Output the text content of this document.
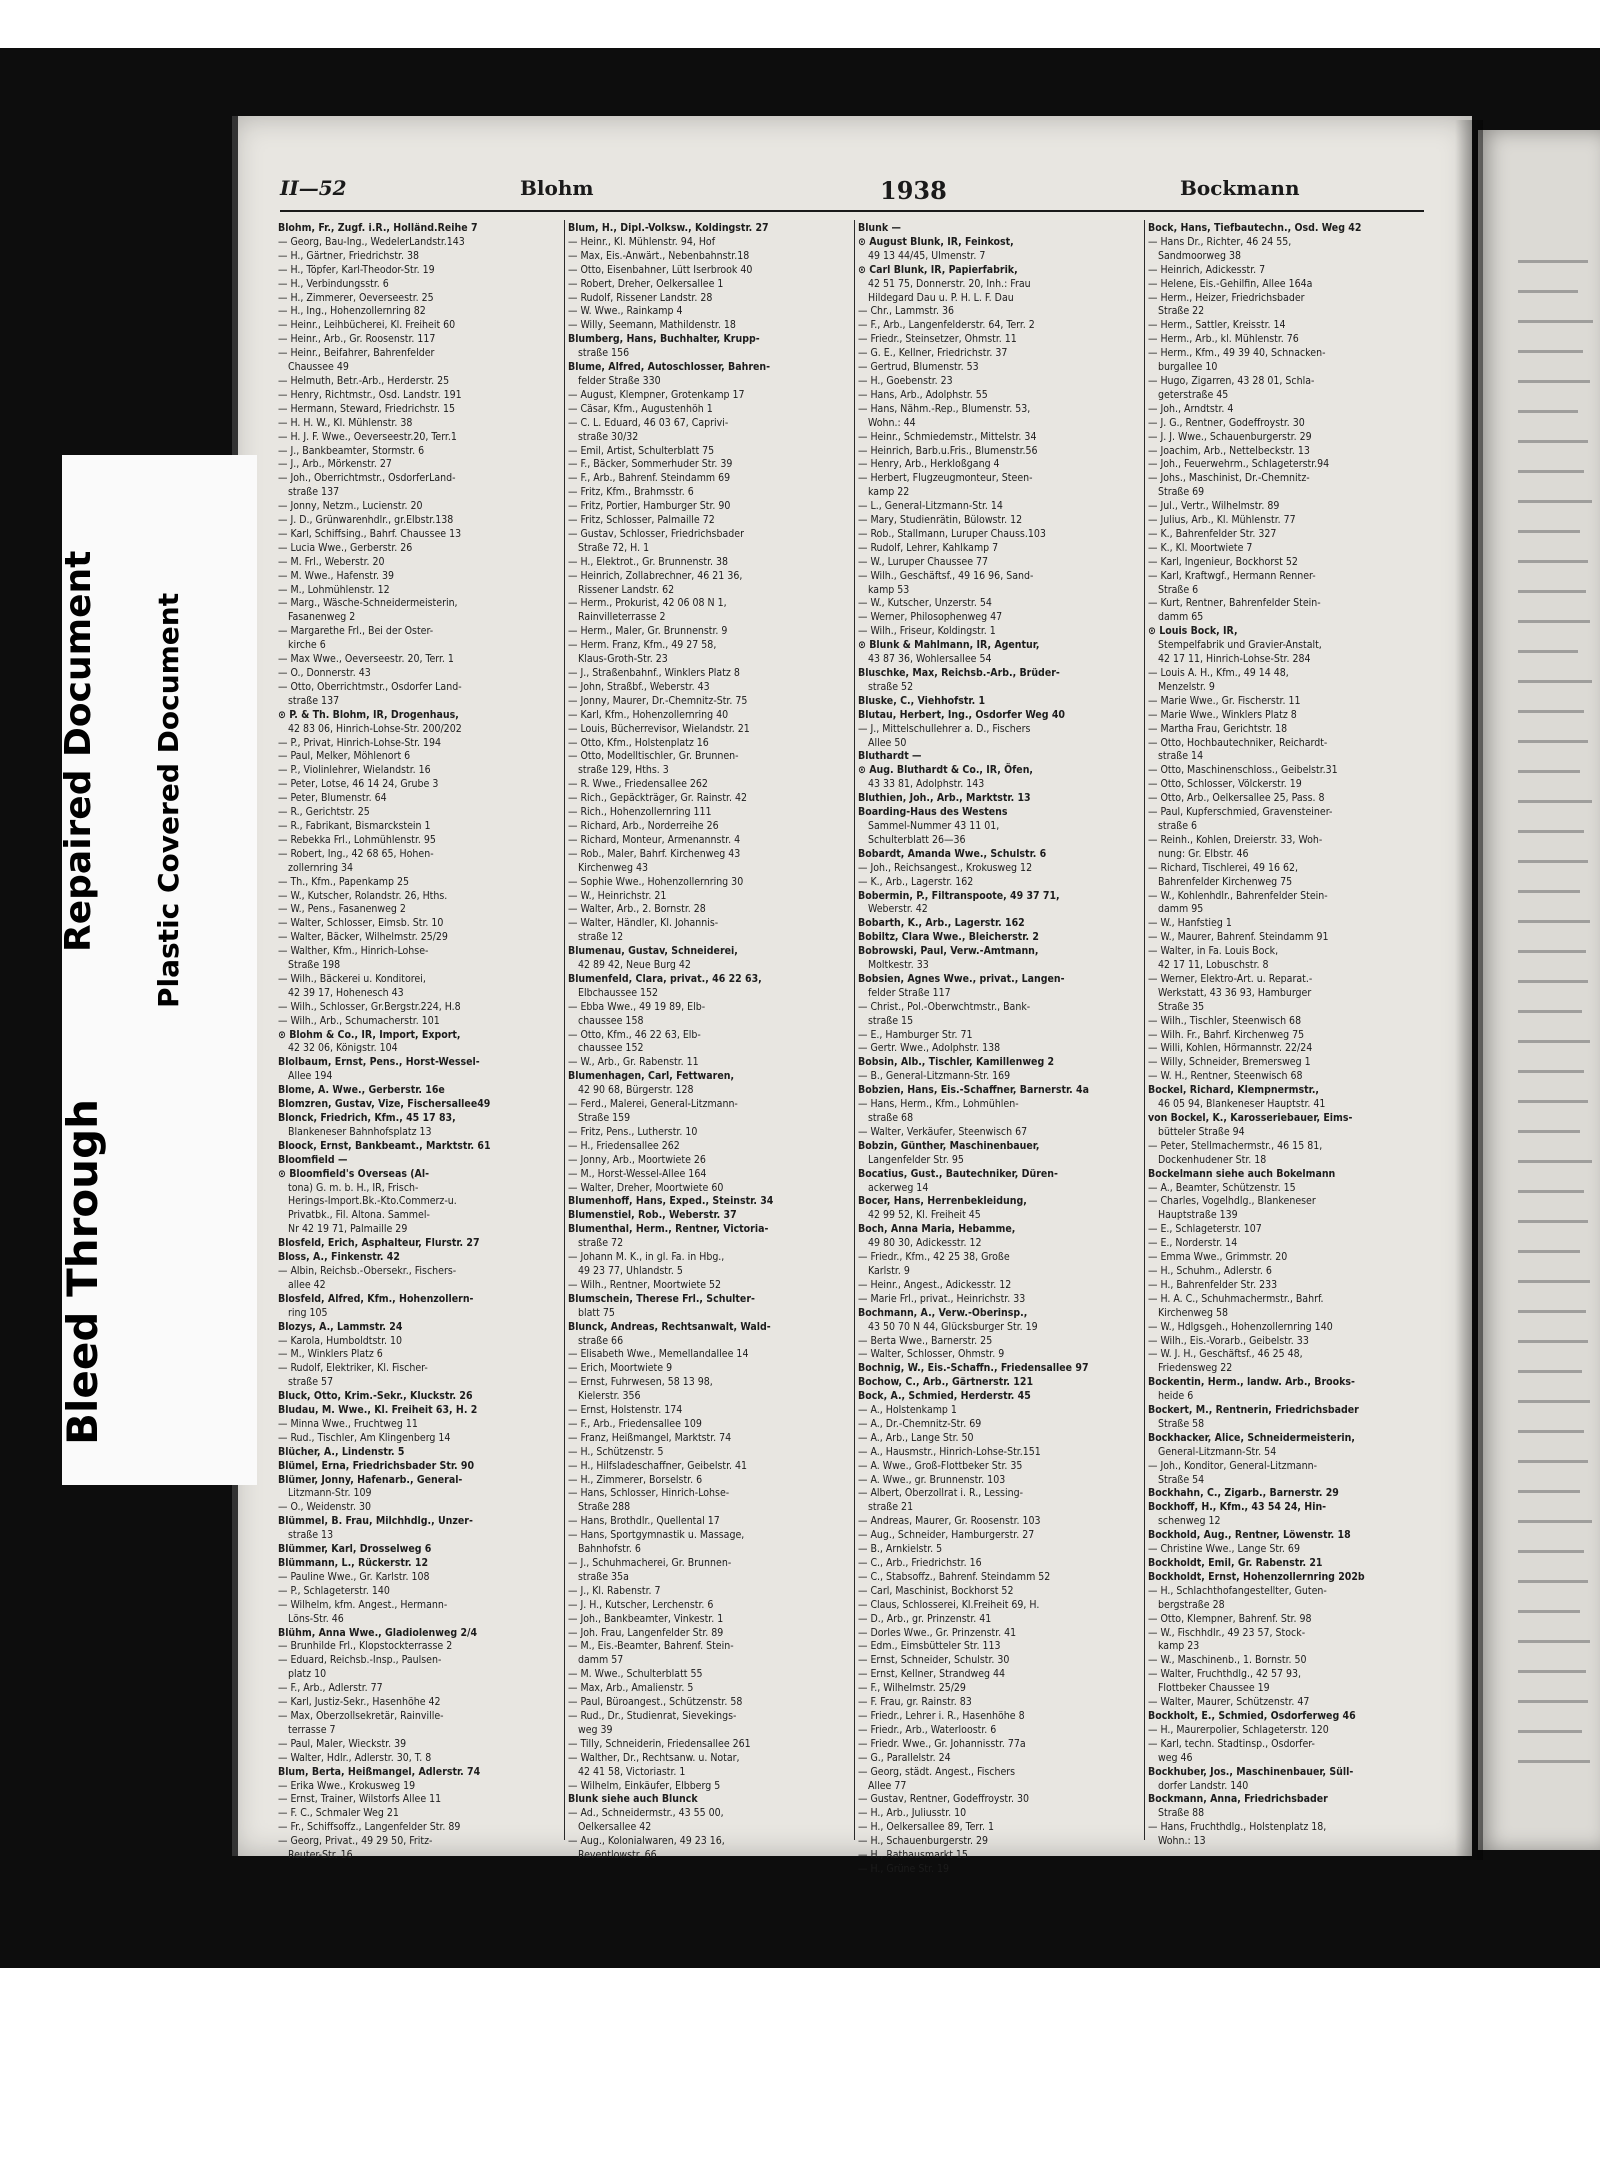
II—52	Blohm	1938	Bockmann
Blohm, Fr., Zugf. i.R., Holländ.Reihe 7
— Georg, Bau-Ing., WedelerLandstr.143
— H., Gärtner, Friedrichstr. 38
— H., Töpfer, Karl-Theodor-Str. 19
— H., Verbindungsstr. 6
— H., Zimmerer, Oeverseestr. 25
— H., Ing., Hohenzollernring 82
— Heinr., Leihbücherei, Kl. Freiheit 60
— Heinr., Arb., Gr. Roosenstr. 117
— Heinr., Beifahrer, Bahrenfelder
Chaussee 49
— Helmuth, Betr.-Arb., Herderstr. 25
— Henry, Richtmstr., Osd. Landstr. 191
— Hermann, Steward, Friedrichstr. 15
— H. H. W., Kl. Mühlenstr. 38
— H. J. F. Wwe., Oeverseestr.20, Terr.1
— J., Bankbeamter, Stormstr. 6
— J., Arb., Mörkenstr. 27
— Joh., Oberrichtmstr., OsdorferLand-
straße 137
— Jonny, Netzm., Lucienstr. 20
— J. D., Grünwarenhdlr., gr.Elbstr.138
— Karl, Schiffsing., Bahrf. Chaussee 13
— Lucia Wwe., Gerberstr. 26
— M. Frl., Weberstr. 20
— M. Wwe., Hafenstr. 39
— M., Lohmühlenstr. 12
— Marg., Wäsche-Schneidermeisterin,
Fasanenweg 2
— Margarethe Frl., Bei der Oster-
kirche 6
— Max Wwe., Oeverseestr. 20, Terr. 1
— O., Donnerstr. 43
— Otto, Oberrichtmstr., Osdorfer Land-
straße 137
⊙ P. & Th. Blohm, IR, Drogenhaus,
42 83 06, Hinrich-Lohse-Str. 200/202
— P., Privat, Hinrich-Lohse-Str. 194
— Paul, Melker, Möhlenort 6
— P., Violinlehrer, Wielandstr. 16
— Peter, Lotse, 46 14 24, Grube 3
— Peter, Blumenstr. 64
— R., Gerichtstr. 25
— R., Fabrikant, Bismarckstein 1
— Rebekka Frl., Lohmühlenstr. 95
— Robert, Ing., 42 68 65, Hohen-
zollernring 34
— Th., Kfm., Papenkamp 25
— W., Kutscher, Rolandstr. 26, Hths.
— W., Pens., Fasanenweg 2
— Walter, Schlosser, Eimsb. Str. 10
— Walter, Bäcker, Wilhelmstr. 25/29
— Walther, Kfm., Hinrich-Lohse-
Straße 198
— Wilh., Bäckerei u. Konditorei,
42 39 17, Hohenesch 43
— Wilh., Schlosser, Gr.Bergstr.224, H.8
— Wilh., Arb., Schumacherstr. 101
⊙ Blohm & Co., IR, Import, Export,
42 32 06, Königstr. 104
Blolbaum, Ernst, Pens., Horst-Wessel-
Allee 194
Blome, A. Wwe., Gerberstr. 16e
Blomzren, Gustav, Vize, Fischersallee49
Blonck, Friedrich, Kfm., 45 17 83,
Blankeneser Bahnhofsplatz 13
Bloock, Ernst, Bankbeamt., Marktstr. 61
Bloomfield —
⊙ Bloomfield's Overseas (Al-
tona) G. m. b. H., IR, Frisch-
Herings-Import.Bk.-Kto.Commerz-u.
Privatbk., Fil. Altona. Sammel-
Nr 42 19 71, Palmaille 29
Blosfeld, Erich, Asphalteur, Flurstr. 27
Bloss, A., Finkenstr. 42
— Albin, Reichsb.-Obersekr., Fischers-
allee 42
Blosfeld, Alfred, Kfm., Hohenzollern-
ring 105
Blozys, A., Lammstr. 24
— Karola, Humboldtstr. 10
— M., Winklers Platz 6
— Rudolf, Elektriker, Kl. Fischer-
straße 57
Bluck, Otto, Krim.-Sekr., Kluckstr. 26
Bludau, M. Wwe., Kl. Freiheit 63, H. 2
— Minna Wwe., Fruchtweg 11
— Rud., Tischler, Am Klingenberg 14
Blücher, A., Lindenstr. 5
Blümel, Erna, Friedrichsbader Str. 90
Blümer, Jonny, Hafenarb., General-
Litzmann-Str. 109
— O., Weidenstr. 30
Blümmel, B. Frau, Milchhdlg., Unzer-
straße 13
Blümmer, Karl, Drosselweg 6
Blümmann, L., Rückerstr. 12
— Pauline Wwe., Gr. Karlstr. 108
— P., Schlageterstr. 140
— Wilhelm, kfm. Angest., Hermann-
Löns-Str. 46
Blühm, Anna Wwe., Gladiolenweg 2/4
— Brunhilde Frl., Klopstockterrasse 2
— Eduard, Reichsb.-Insp., Paulsen-
platz 10
— F., Arb., Adlerstr. 77
— Karl, Justiz-Sekr., Hasenhöhe 42
— Max, Oberzollsekretär, Rainville-
terrasse 7
— Paul, Maler, Wieckstr. 39
— Walter, Hdlr., Adlerstr. 30, T. 8
Blum, Berta, Heißmangel, Adlerstr. 74
— Erika Wwe., Krokusweg 19
— Ernst, Trainer, Wilstorfs Allee 11
— F. C., Schmaler Weg 21
— Fr., Schiffsoffz., Langenfelder Str. 89
— Georg, Privat., 49 29 50, Fritz-
Reuter-Str. 16
Blum, H., Dipl.-Volksw., Koldingstr. 27
— Heinr., Kl. Mühlenstr. 94, Hof
— Max, Eis.-Anwärt., Nebenbahnstr.18
— Otto, Eisenbahner, Lütt Iserbrook 40
— Robert, Dreher, Oelkersallee 1
— Rudolf, Rissener Landstr. 28
— W. Wwe., Rainkamp 4
— Willy, Seemann, Mathildenstr. 18
Blumberg, Hans, Buchhalter, Krupp-
straße 156
Blume, Alfred, Autoschlosser, Bahren-
felder Straße 330
— August, Klempner, Grotenkamp 17
— Cäsar, Kfm., Augustenhöh 1
— C. L. Eduard, 46 03 67, Caprivi-
straße 30/32
— Emil, Artist, Schulterblatt 75
— F., Bäcker, Sommerhuder Str. 39
— F., Arb., Bahrenf. Steindamm 69
— Fritz, Kfm., Brahmsstr. 6
— Fritz, Portier, Hamburger Str. 90
— Fritz, Schlosser, Palmaille 72
— Gustav, Schlosser, Friedrichsbader
Straße 72, H. 1
— H., Elektrot., Gr. Brunnenstr. 38
— Heinrich, Zollabrechner, 46 21 36,
Rissener Landstr. 62
— Herm., Prokurist, 42 06 08 N 1,
Rainvilleterrasse 2
— Herm., Maler, Gr. Brunnenstr. 9
— Herm. Franz, Kfm., 49 27 58,
Klaus-Groth-Str. 23
— J., Straßenbahnf., Winklers Platz 8
— John, Straßbf., Weberstr. 43
— Jonny, Maurer, Dr.-Chemnitz-Str. 75
— Karl, Kfm., Hohenzollernring 40
— Louis, Bücherrevisor, Wielandstr. 21
— Otto, Kfm., Holstenplatz 16
— Otto, Modelltischler, Gr. Brunnen-
straße 129, Hths. 3
— R. Wwe., Friedensallee 262
— Rich., Gepäckträger, Gr. Rainstr. 42
— Rich., Hohenzollernring 111
— Richard, Arb., Norderreihe 26
— Richard, Monteur, Armenannstr. 4
— Rob., Maler, Bahrf. Kirchenweg 43
Kirchenweg 43
— Sophie Wwe., Hohenzollernring 30
— W., Heinrichstr. 21
— Walter, Arb., 2. Bornstr. 28
— Walter, Händler, Kl. Johannis-
straße 12
Blumenau, Gustav, Schneiderei,
42 89 42, Neue Burg 42
Blumenfeld, Clara, privat., 46 22 63,
Elbchaussee 152
— Ebba Wwe., 49 19 89, Elb-
chaussee 158
— Otto, Kfm., 46 22 63, Elb-
chaussee 152
— W., Arb., Gr. Rabenstr. 11
Blumenhagen, Carl, Fettwaren,
42 90 68, Bürgerstr. 128
— Ferd., Malerei, General-Litzmann-
Straße 159
— Fritz, Pens., Lutherstr. 10
— H., Friedensallee 262
— Jonny, Arb., Moortwiete 26
— M., Horst-Wessel-Allee 164
— Walter, Dreher, Moortwiete 60
Blumenhoff, Hans, Exped., Steinstr. 34
Blumenstiel, Rob., Weberstr. 37
Blumenthal, Herm., Rentner, Victoria-
straße 72
— Johann M. K., in gl. Fa. in Hbg.,
49 23 77, Uhlandstr. 5
— Wilh., Rentner, Moortwiete 52
Blumschein, Therese Frl., Schulter-
blatt 75
Blunck, Andreas, Rechtsanwalt, Wald-
straße 66
— Elisabeth Wwe., Memellandallee 14
— Erich, Moortwiete 9
— Ernst, Fuhrwesen, 58 13 98,
Kielerstr. 356
— Ernst, Holstenstr. 174
— F., Arb., Friedensallee 109
— Franz, Heißmangel, Marktstr. 74
— H., Schützenstr. 5
— H., Hilfsladeschaffner, Geibelstr. 41
— H., Zimmerer, Borselstr. 6
— Hans, Schlosser, Hinrich-Lohse-
Straße 288
— Hans, Brothdlr., Quellental 17
— Hans, Sportgymnastik u. Massage,
Bahnhofstr. 6
— J., Schuhmacherei, Gr. Brunnen-
straße 35a
— J., Kl. Rabenstr. 7
— J. H., Kutscher, Lerchenstr. 6
— Joh., Bankbeamter, Vinkestr. 1
— Joh. Frau, Langenfelder Str. 89
— M., Eis.-Beamter, Bahrenf. Stein-
damm 57
— M. Wwe., Schulterblatt 55
— Max, Arb., Amalienstr. 5
— Paul, Büroangest., Schützenstr. 58
— Rud., Dr., Studienrat, Sievekings-
weg 39
— Tilly, Schneiderin, Friedensallee 261
— Walther, Dr., Rechtsanw. u. Notar,
42 41 58, Victoriastr. 1
— Wilhelm, Einkäufer, Elbberg 5
Blunk siehe auch Blunck
— Ad., Schneidermstr., 43 55 00,
Oelkersallee 42
— Aug., Kolonialwaren, 49 23 16,
Reventlowstr. 66
Blunk —
⊙ August Blunk, IR, Feinkost,
49 13 44/45, Ulmenstr. 7
⊙ Carl Blunk, IR, Papierfabrik,
42 51 75, Donnerstr. 20, Inh.: Frau
Hildegard Dau u. P. H. L. F. Dau
— Chr., Lammstr. 36
— F., Arb., Langenfelderstr. 64, Terr. 2
— Friedr., Steinsetzer, Ohmstr. 11
— G. E., Kellner, Friedrichstr. 37
— Gertrud, Blumenstr. 53
— H., Goebenstr. 23
— Hans, Arb., Adolphstr. 55
— Hans, Nähm.-Rep., Blumenstr. 53,
Wohn.: 44
— Heinr., Schmiedemstr., Mittelstr. 34
— Heinrich, Barb.u.Fris., Blumenstr.56
— Henry, Arb., Herkloßgang 4
— Herbert, Flugzeugmonteur, Steen-
kamp 22
— L., General-Litzmann-Str. 14
— Mary, Studienrätin, Bülowstr. 12
— Rob., Stallmann, Luruper Chauss.103
— Rudolf, Lehrer, Kahlkamp 7
— W., Luruper Chaussee 77
— Wilh., Geschäftsf., 49 16 96, Sand-
kamp 53
— W., Kutscher, Unzerstr. 54
— Werner, Philosophenweg 47
— Wilh., Friseur, Koldingstr. 1
⊙ Blunk & Mahlmann, IR, Agentur,
43 87 36, Wohlersallee 54
Bluschke, Max, Reichsb.-Arb., Brüder-
straße 52
Bluske, C., Viehhofstr. 1
Blutau, Herbert, Ing., Osdorfer Weg 40
— J., Mittelschullehrer a. D., Fischers
Allee 50
Bluthardt —
⊙ Aug. Bluthardt & Co., IR, Öfen,
43 33 81, Adolphstr. 143
Bluthien, Joh., Arb., Marktstr. 13
Boarding-Haus des Westens
Sammel-Nummer 43 11 01,
Schulterblatt 26—36
Bobardt, Amanda Wwe., Schulstr. 6
— Joh., Reichsangest., Krokusweg 12
— K., Arb., Lagerstr. 162
Bobermin, P., Filtranspoote, 49 37 71,
Weberstr. 42
Bobarth, K., Arb., Lagerstr. 162
Bobiltz, Clara Wwe., Bleicherstr. 2
Bobrowski, Paul, Verw.-Amtmann,
Moltkestr. 33
Bobsien, Agnes Wwe., privat., Langen-
felder Straße 117
— Christ., Pol.-Oberwchtmstr., Bank-
straße 15
— E., Hamburger Str. 71
— Gertr. Wwe., Adolphstr. 138
Bobsin, Alb., Tischler, Kamillenweg 2
— B., General-Litzmann-Str. 169
Bobzien, Hans, Eis.-Schaffner, Barnerstr. 4a
— Hans, Herm., Kfm., Lohmühlen-
straße 68
— Walter, Verkäufer, Steenwisch 67
Bobzin, Günther, Maschinenbauer,
Langenfelder Str. 95
Bocatius, Gust., Bautechniker, Düren-
ackerweg 14
Bocer, Hans, Herrenbekleidung,
42 99 52, Kl. Freiheit 45
Boch, Anna Maria, Hebamme,
49 80 30, Adickesstr. 12
— Friedr., Kfm., 42 25 38, Große
Karlstr. 9
— Heinr., Angest., Adickesstr. 12
— Marie Frl., privat., Heinrichstr. 33
Bochmann, A., Verw.-Oberinsp.,
43 50 70 N 44, Glücksburger Str. 19
— Berta Wwe., Barnerstr. 25
— Walter, Schlosser, Ohmstr. 9
Bochnig, W., Eis.-Schaffn., Friedensallee 97
Bochow, C., Arb., Gärtnerstr. 121
Bock, A., Schmied, Herderstr. 45
— A., Holstenkamp 1
— A., Dr.-Chemnitz-Str. 69
— A., Arb., Lange Str. 50
— A., Hausmstr., Hinrich-Lohse-Str.151
— A. Wwe., Groß-Flottbeker Str. 35
— A. Wwe., gr. Brunnenstr. 103
— Albert, Oberzollrat i. R., Lessing-
straße 21
— Andreas, Maurer, Gr. Roosenstr. 103
— Aug., Schneider, Hamburgerstr. 27
— B., Arnkielstr. 5
— C., Arb., Friedrichstr. 16
— C., Stabsoffz., Bahrenf. Steindamm 52
— Carl, Maschinist, Bockhorst 52
— Claus, Schlosserei, Kl.Freiheit 69, H.
— D., Arb., gr. Prinzenstr. 41
— Dorles Wwe., Gr. Prinzenstr. 41
— Edm., Eimsbütteler Str. 113
— Ernst, Schneider, Schulstr. 30
— Ernst, Kellner, Strandweg 44
— F., Wilhelmstr. 25/29
— F. Frau, gr. Rainstr. 83
— Friedr., Lehrer i. R., Hasenhöhe 8
— Friedr., Arb., Waterloostr. 6
— Friedr. Wwe., Gr. Johannisstr. 77a
— G., Parallelstr. 24
— Georg, städt. Angest., Fischers
Allee 77
— Gustav, Rentner, Godeffroystr. 30
— H., Arb., Juliusstr. 10
— H., Oelkersallee 89, Terr. 1
— H., Schauenburgerstr. 29
— H., Rathausmarkt 15
— H., Grüne Str. 19
Bock, Hans, Tiefbautechn., Osd. Weg 42
— Hans Dr., Richter, 46 24 55,
Sandmoorweg 38
— Heinrich, Adickesstr. 7
— Helene, Eis.-Gehilfin, Allee 164a
— Herm., Heizer, Friedrichsbader
Straße 22
— Herm., Sattler, Kreisstr. 14
— Herm., Arb., kl. Mühlenstr. 76
— Herm., Kfm., 49 39 40, Schnacken-
burgallee 10
— Hugo, Zigarren, 43 28 01, Schla-
geterstraße 45
— Joh., Arndtstr. 4
— J. G., Rentner, Godeffroystr. 30
— J. J. Wwe., Schauenburgerstr. 29
— Joachim, Arb., Nettelbeckstr. 13
— Joh., Feuerwehrm., Schlageterstr.94
— Johs., Maschinist, Dr.-Chemnitz-
Straße 69
— Jul., Vertr., Wilhelmstr. 89
— Julius, Arb., Kl. Mühlenstr. 77
— K., Bahrenfelder Str. 327
— K., Kl. Moortwiete 7
— Karl, Ingenieur, Bockhorst 52
— Karl, Kraftwgf., Hermann Renner-
Straße 6
— Kurt, Rentner, Bahrenfelder Stein-
damm 65
⊙ Louis Bock, IR,
Stempelfabrik und Gravier-Anstalt,
42 17 11, Hinrich-Lohse-Str. 284
— Louis A. H., Kfm., 49 14 48,
Menzelstr. 9
— Marie Wwe., Gr. Fischerstr. 11
— Marie Wwe., Winklers Platz 8
— Martha Frau, Gerichtstr. 18
— Otto, Hochbautechniker, Reichardt-
straße 14
— Otto, Maschinenschloss., Geibelstr.31
— Otto, Schlosser, Völckerstr. 19
— Otto, Arb., Oelkersallee 25, Pass. 8
— Paul, Kupferschmied, Gravensteiner-
straße 6
— Reinh., Kohlen, Dreierstr. 33, Woh-
nung: Gr. Elbstr. 46
— Richard, Tischlerei, 49 16 62,
Bahrenfelder Kirchenweg 75
— W., Kohlenhdlr., Bahrenfelder Stein-
damm 95
— W., Hanfstieg 1
— W., Maurer, Bahrenf. Steindamm 91
— Walter, in Fa. Louis Bock,
42 17 11, Lobuschstr. 8
— Werner, Elektro-Art. u. Reparat.-
Werkstatt, 43 36 93, Hamburger
Straße 35
— Wilh., Tischler, Steenwisch 68
— Wilh. Fr., Bahrf. Kirchenweg 75
— Willi, Kohlen, Hörmannstr. 22/24
— Willy, Schneider, Bremersweg 1
— W. H., Rentner, Steenwisch 68
Bockel, Richard, Klempnermstr.,
46 05 94, Blankeneser Hauptstr. 41
von Bockel, K., Karosseriebauer, Eims-
bütteler Straße 94
— Peter, Stellmachermstr., 46 15 81,
Dockenhudener Str. 18
Bockelmann siehe auch Bokelmann
— A., Beamter, Schützenstr. 15
— Charles, Vogelhdlg., Blankeneser
Hauptstraße 139
— E., Schlageterstr. 107
— E., Norderstr. 14
— Emma Wwe., Grimmstr. 20
— H., Schuhm., Adlerstr. 6
— H., Bahrenfelder Str. 233
— H. A. C., Schuhmachermstr., Bahrf.
Kirchenweg 58
— W., Hdlgsgeh., Hohenzollernring 140
— Wilh., Eis.-Vorarb., Geibelstr. 33
— W. J. H., Geschäftsf., 46 25 48,
Friedensweg 22
Bockentin, Herm., landw. Arb., Brooks-
heide 6
Bockert, M., Rentnerin, Friedrichsbader
Straße 58
Bockhacker, Alice, Schneidermeisterin,
General-Litzmann-Str. 54
— Joh., Konditor, General-Litzmann-
Straße 54
Bockhahn, C., Zigarb., Barnerstr. 29
Bockhoff, H., Kfm., 43 54 24, Hin-
schenweg 12
Bockhold, Aug., Rentner, Löwenstr. 18
— Christine Wwe., Lange Str. 69
Bockholdt, Emil, Gr. Rabenstr. 21
Bockholdt, Ernst, Hohenzollernring 202b
— H., Schlachthofangestellter, Guten-
bergstraße 28
— Otto, Klempner, Bahrenf. Str. 98
— W., Fischhdlr., 49 23 57, Stock-
kamp 23
— W., Maschinenb., 1. Bornstr. 50
— Walter, Fruchthdlg., 42 57 93,
Flottbeker Chaussee 19
— Walter, Maurer, Schützenstr. 47
Bockholt, E., Schmied, Osdorferweg 46
— H., Maurerpolier, Schlageterstr. 120
— Karl, techn. Stadtinsp., Osdorfer-
weg 46
Bockhuber, Jos., Maschinenbauer, Süll-
dorfer Landstr. 140
Bockmann, Anna, Friedrichsbader
Straße 88
— Hans, Fruchthdlg., Holstenplatz 18,
Wohn.: 13
Bleed Through
Repaired Document Plastic Covered Document
